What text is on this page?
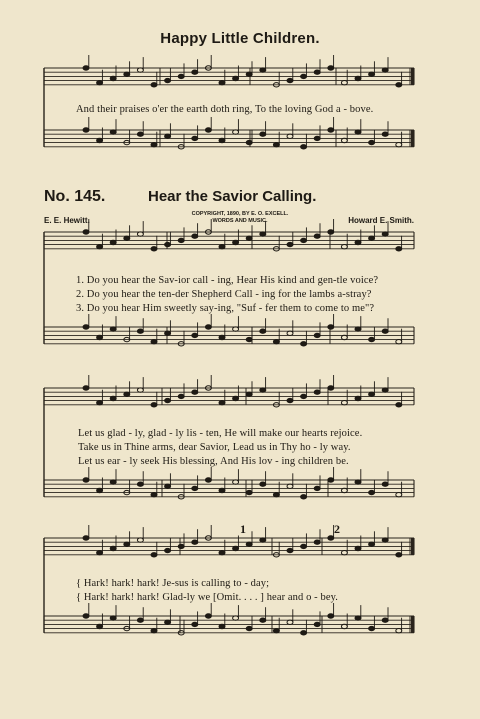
Happy Little Children.
And their praises o'er the earth doth ring, To the loving God a - bove.
No. 145.	Hear the Savior Calling.
E. E. Hewitt.
COPYRIGHT, 1890, BY E. O. EXCELL.
WORDS AND MUSIC.	Howard E. Smith.
1. Do you hear the Sav-ior call - ing, Hear His kind and gen-tle voice?
2. Do you hear the ten-der Shepherd Call - ing for the lambs a-stray?
3. Do you hear Him sweetly say-ing, "Suf - fer them to come to me"?
Let us glad - ly, glad - ly lis - ten, He will make our hearts rejoice.
Take us in Thine arms, dear Savior, Lead us in Thy ho - ly way.
Let us ear - ly seek His blessing, And His lov - ing children be.
1	2
{ Hark! hark! hark! Je-sus is calling to - day;
{ Hark! hark! hark! Glad-ly we [Omit. . . . ] hear and o - bey.
